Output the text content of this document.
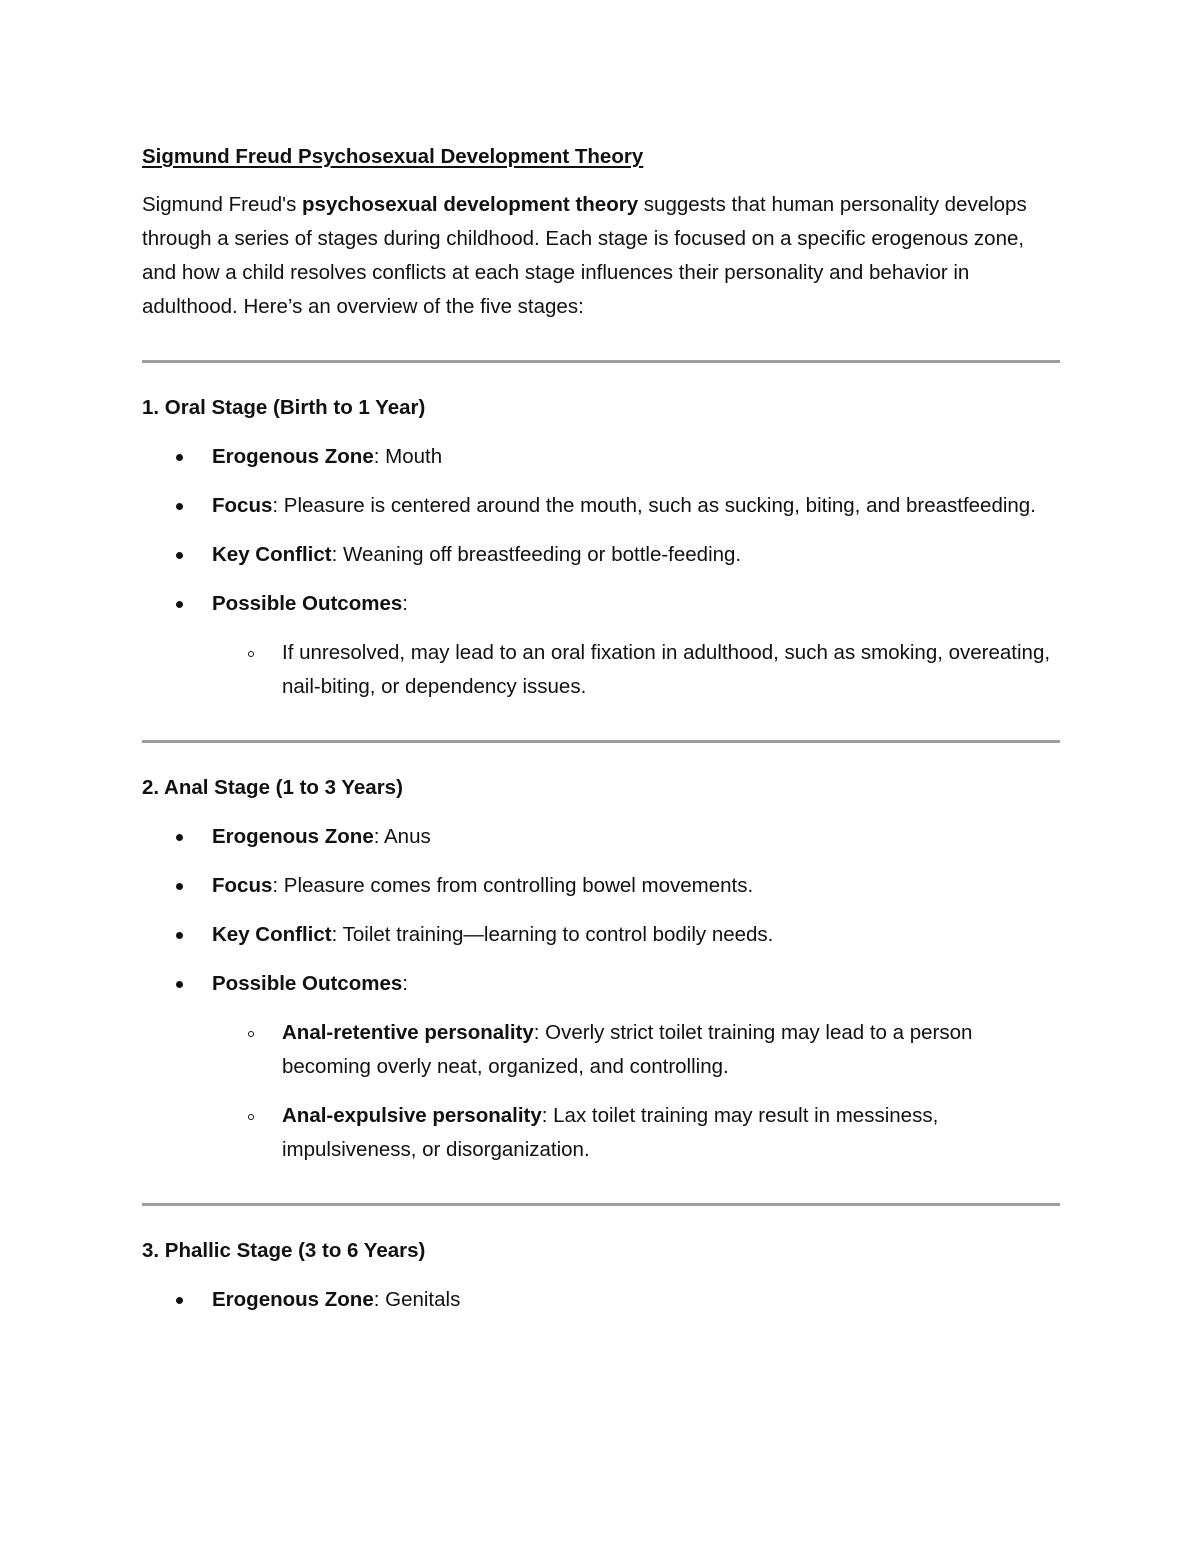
Sigmund Freud Psychosexual Development Theory

Sigmund Freud's psychosexual development theory suggests that human personality develops through a series of stages during childhood. Each stage is focused on a specific erogenous zone, and how a child resolves conflicts at each stage influences their personality and behavior in adulthood. Here’s an overview of the five stages:

1. Oral Stage (Birth to 1 Year)

Erogenous Zone: Mouth
Focus: Pleasure is centered around the mouth, such as sucking, biting, and breastfeeding.
Key Conflict: Weaning off breastfeeding or bottle-feeding.
Possible Outcomes:
If unresolved, may lead to an oral fixation in adulthood, such as smoking, overeating, nail-biting, or dependency issues.

2. Anal Stage (1 to 3 Years)

Erogenous Zone: Anus
Focus: Pleasure comes from controlling bowel movements.
Key Conflict: Toilet training—learning to control bodily needs.
Possible Outcomes:
Anal-retentive personality: Overly strict toilet training may lead to a person becoming overly neat, organized, and controlling.
Anal-expulsive personality: Lax toilet training may result in messiness, impulsiveness, or disorganization.

3. Phallic Stage (3 to 6 Years)

Erogenous Zone: Genitals
